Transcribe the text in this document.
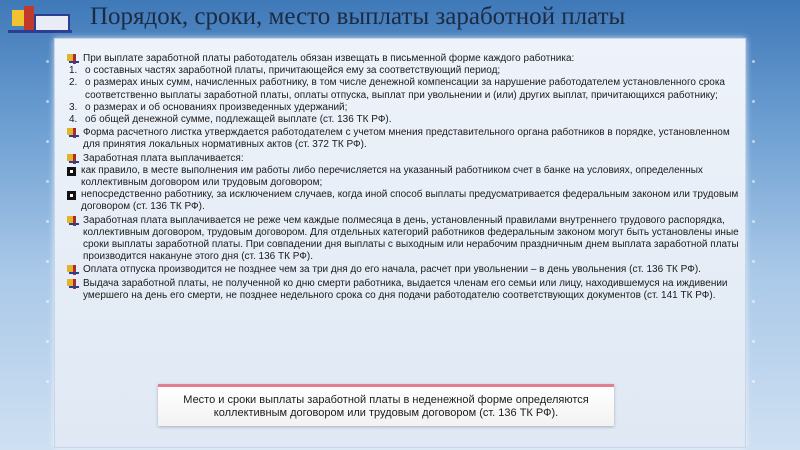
Порядок, сроки, место выплаты заработной платы
При выплате заработной платы работодатель обязан извещать в письменной форме каждого работника:
1. о составных частях заработной платы, причитающейся ему за соответствующий период;
2. о размерах иных сумм, начисленных работнику, в том числе денежной компенсации за нарушение работодателем установленного срока соответственно выплаты заработной платы, оплаты отпуска, выплат при увольнении и (или) других выплат, причитающихся работнику;
3. о размерах и об основаниях произведенных удержаний;
4. об общей денежной сумме, подлежащей выплате (ст. 136 ТК РФ).
Форма расчетного листка утверждается работодателем с учетом мнения представительного органа работников в порядке, установленном для принятия локальных нормативных актов (ст. 372 ТК РФ).
Заработная плата выплачивается:
как правило, в месте выполнения им работы либо перечисляется на указанный работником счет в банке на условиях, определенных коллективным договором или трудовым договором;
непосредственно работнику, за исключением случаев, когда иной способ выплаты предусматривается федеральным законом или трудовым договором (ст. 136 ТК РФ).
Заработная плата выплачивается не реже чем каждые полмесяца в день, установленный правилами внутреннего трудового распорядка, коллективным договором, трудовым договором. Для отдельных категорий работников федеральным законом могут быть установлены иные сроки выплаты заработной платы. При совпадении дня выплаты с выходным или нерабочим праздничным днем выплата заработной платы производится накануне этого дня (ст. 136 ТК РФ).
Оплата отпуска производится не позднее чем за три дня до его начала, расчет при увольнении – в день увольнения (ст. 136 ТК РФ).
Выдача заработной платы, не полученной ко дню смерти работника, выдается членам его семьи или лицу, находившемуся на иждивении умершего на день его смерти, не позднее недельного срока со дня подачи работодателю соответствующих документов (ст. 141 ТК РФ).
Место и сроки выплаты заработной платы в неденежной форме определяются коллективным договором или трудовым договором (ст. 136 ТК РФ).
